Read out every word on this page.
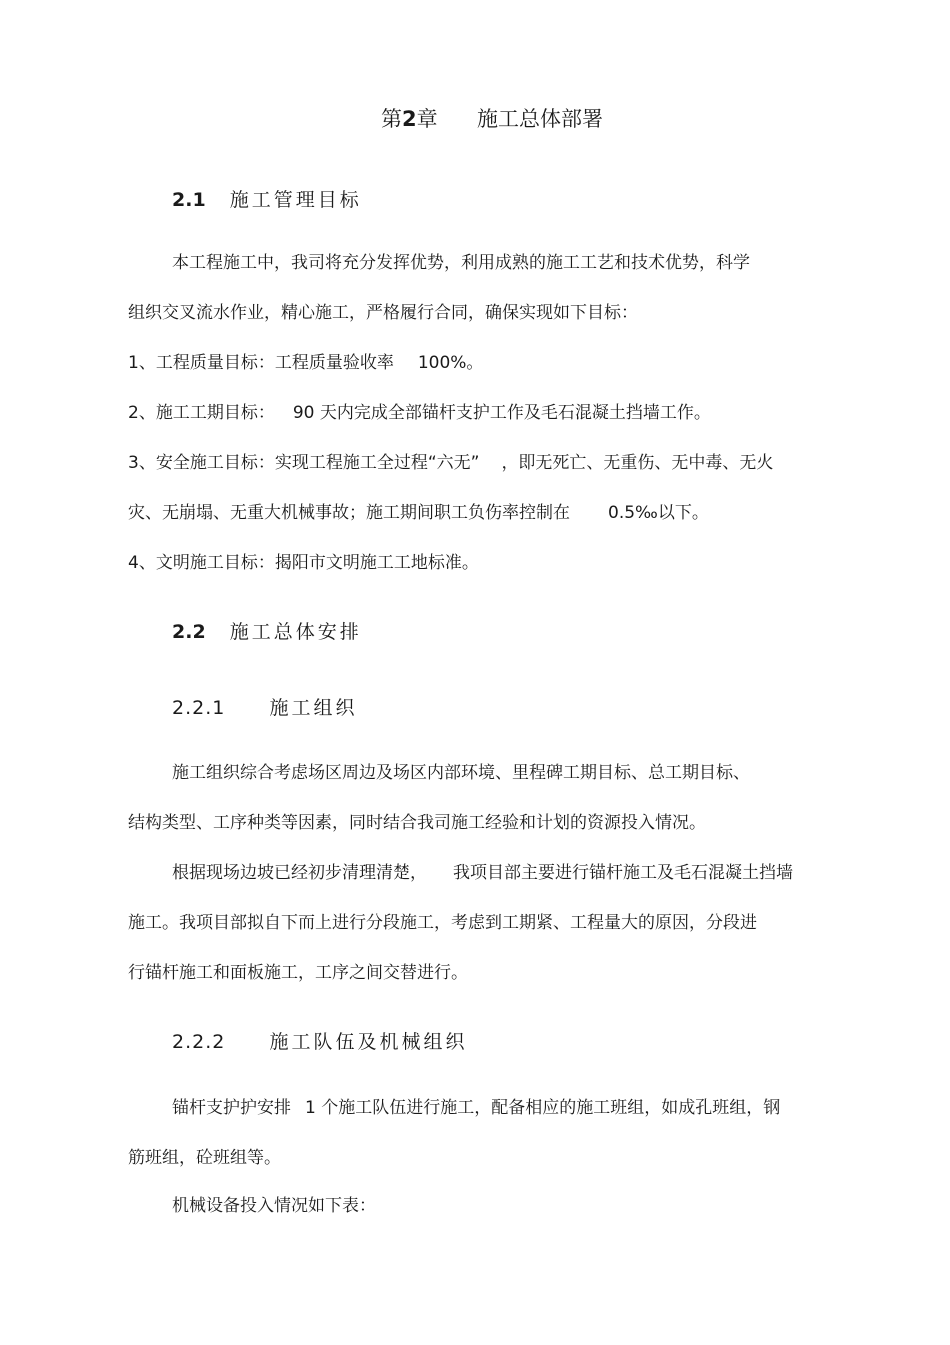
第2章 施工总体部署
2.1 施工管理目标
本工程施工中，我司将充分发挥优势，利用成熟的施工工艺和技术优势，科学
组织交叉流水作业，精心施工，严格履行合同，确保实现如下目标：
1、工程质量目标：工程质量验收率 100%。
2、施工工期目标： 90 天内完成全部锚杆支护工作及毛石混凝土挡墙工作。
3、安全施工目标：实现工程施工全过程“六无” ，即无死亡、无重伤、无中毒、无火
灾、无崩塌、无重大机械事故；施工期间职工负伤率控制在 0.5‰以下。
4、文明施工目标：揭阳市文明施工工地标准。
2.2 施工总体安排
2.2.1 施工组织
施工组织综合考虑场区周边及场区内部环境、里程碑工期目标、总工期目标、
结构类型、工序种类等因素，同时结合我司施工经验和计划的资源投入情况。
根据现场边坡已经初步清理清楚， 我项目部主要进行锚杆施工及毛石混凝土挡墙
施工。我项目部拟自下而上进行分段施工，考虑到工期紧、工程量大的原因，分段进
行锚杆施工和面板施工，工序之间交替进行。
2.2.2 施工队伍及机械组织
锚杆支护护安排 1 个施工队伍进行施工，配备相应的施工班组，如成孔班组，钢
筋班组，砼班组等。
机械设备投入情况如下表：
